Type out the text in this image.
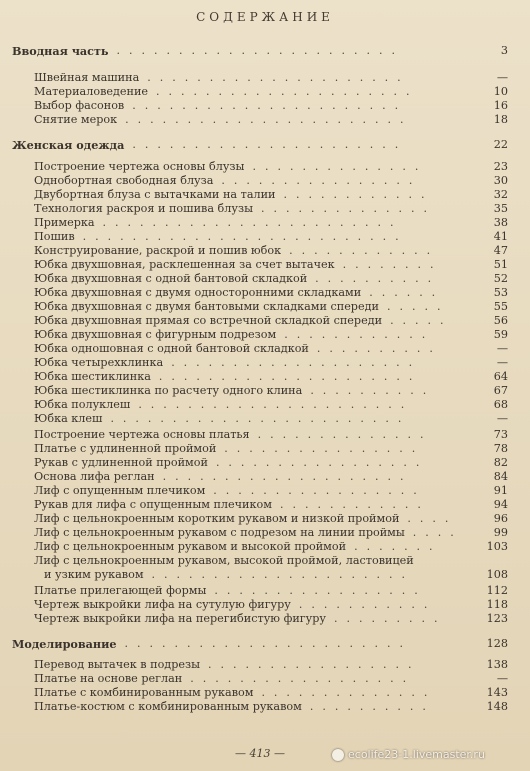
СОДЕРЖАНИЕ
Вводная часть	3
.......................
Швейная машина	—
.....................
Материаловедение	10
.....................
Выбор фасонов	16
......................
Снятие мерок	18
.......................
Женская одежда	22
......................
Построение чертежа основы блузы	23
..............
Однобортная свободная блуза	30
................
Двубортная блуза с вытачками на талии	32
............
Технология раскроя и пошива блузы	35
..............
Примерка	38
........................
Пошив	41
..........................
Конструирование, раскрой и пошив юбок	47
............
Юбка двухшовная, расклешенная за счет вытачек	51
........
Юбка двухшовная с одной бантовой складкой	52
..........
Юбка двухшовная с двумя односторонними складками	53
......
Юбка двухшовная с двумя бантовыми складками спереди	55
.....
Юбка двухшовная прямая со встречной складкой спереди	56
.....
Юбка двухшовная с фигурным подрезом	59
............
Юбка одношовная с одной бантовой складкой	—
..........
Юбка четырехклинка	—
....................
Юбка шестиклинка	64
.....................
Юбка шестиклинка по расчету одного клина	67
..........
Юбка полуклеш	68
......................
Юбка клеш	—
........................
Построение чертежа основы платья	73
..............
Платье с удлиненной проймой	78
................
Рукав с удлиненной проймой	82
.................
Основа лифа реглан	84
....................
Лиф с опущенным плечиком	91
.................
Рукав для лифа с опущенным плечиком	94
............
Лиф с цельнокроенным коротким рукавом и низкой проймой	96
....
Лиф с цельнокроенным рукавом с подрезом на линии проймы	99
....
Лиф с цельнокроенным рукавом и высокой проймой	103
.......
Лиф с цельнокроенным рукавом, высокой проймой, ластовицей
и узким рукавом	108
.....................
Платье прилегающей формы	112
.................
Чертеж выкройки лифа на сутулую фигуру	118
...........
Чертеж выкройки лифа на перегибистую фигуру	123
.........
Моделирование	128
.......................
Перевод вытачек в подрезы	138
.................
Платье на основе реглан	—
..................
Платье с комбинированным рукавом	143
..............
Платье-костюм с комбинированным рукавом	148
..........
— 413 —	ecolife23-1.livemaster.ru
